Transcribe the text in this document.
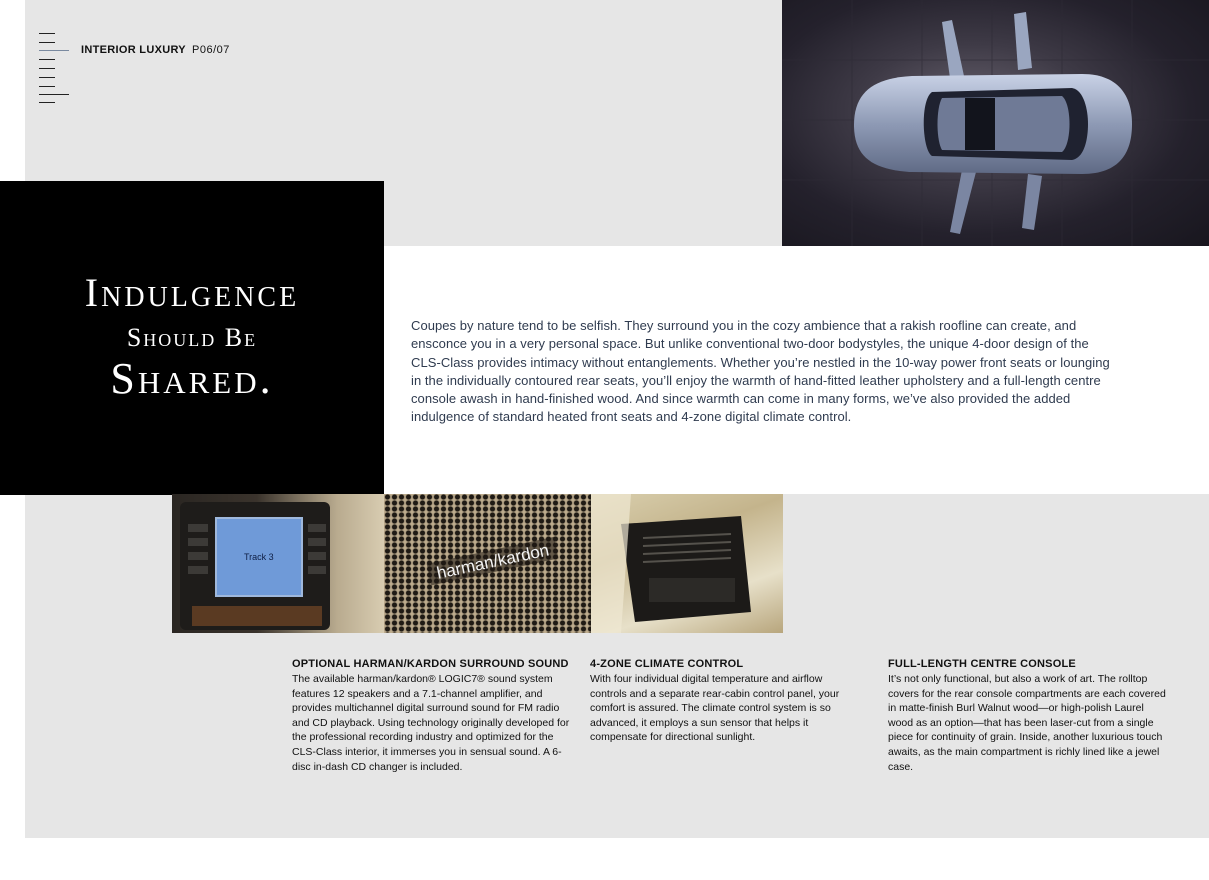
INTERIOR LUXURY P06/07
Indulgence
Should Be
Shared.
Coupes by nature tend to be selfish. They surround you in the cozy ambience that a rakish roofline can create, and ensconce you in a very personal space. But unlike conventional two-door bodystyles, the unique 4-door design of the CLS-Class provides intimacy without entanglements. Whether you’re nestled in the 10-way power front seats or lounging in the individually contoured rear seats, you’ll enjoy the warmth of hand-fitted leather upholstery and a full-length centre console awash in hand-finished wood. And since warmth can come in many forms, we’ve also provided the added indulgence of standard heated front seats and 4-zone digital climate control.
Track 3	harman/kardon
OPTIONAL HARMAN/KARDON SURROUND SOUND

The available harman/kardon® LOGIC7® sound system features 12 speakers and a 7.1-channel amplifier, and provides multichannel digital surround sound for FM radio and CD playback. Using technology originally developed for the professional recording industry and optimized for the CLS-Class interior, it immerses you in sensual sound. A 6-disc in-dash CD changer is included.

4-ZONE CLIMATE CONTROL

With four individual digital temperature and airflow controls and a separate rear-cabin control panel, your comfort is assured. The climate control system is so advanced, it employs a sun sensor that helps it compensate for directional sunlight.

FULL-LENGTH CENTRE CONSOLE

It’s not only functional, but also a work of art. The rolltop covers for the rear console compartments are each covered in matte-finish Burl Walnut wood—or high-polish Laurel wood as an option—that has been laser-cut from a single piece for continuity of grain. Inside, another luxurious touch awaits, as the main compartment is richly lined like a jewel case.
